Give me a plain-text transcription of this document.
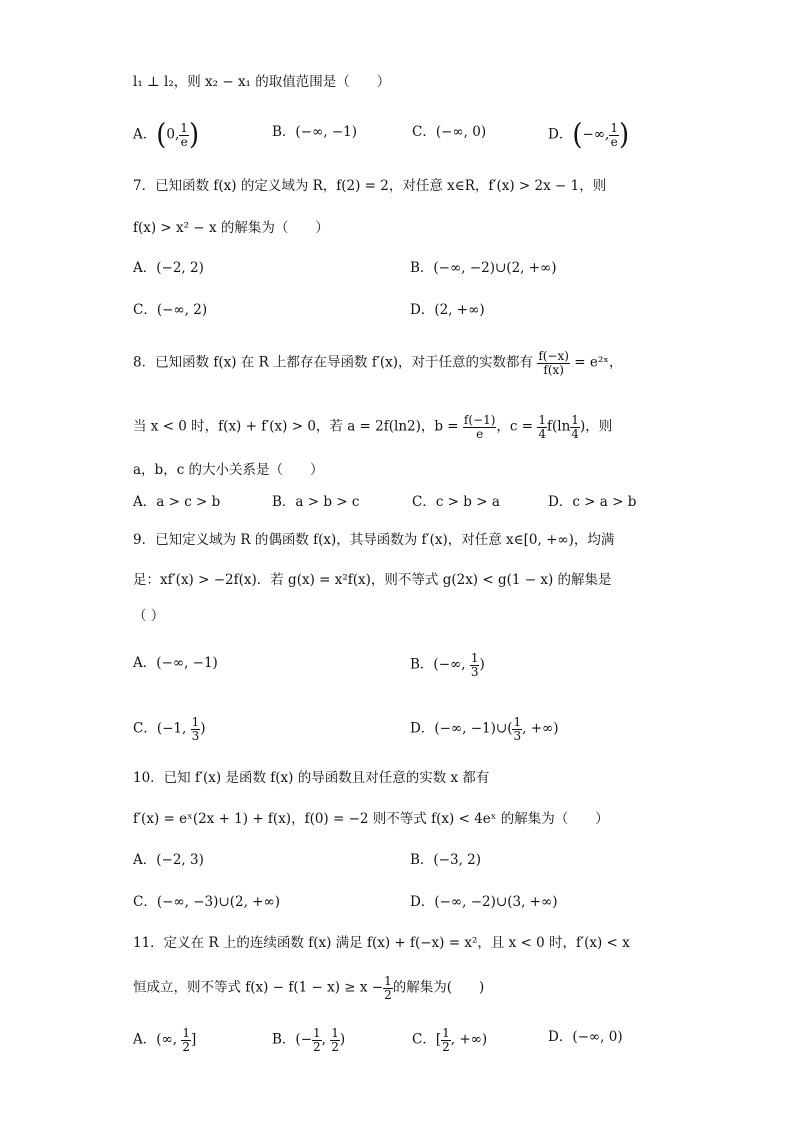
l₁ ⊥ l₂，则 x₂ − x₁ 的取值范围是（　　）
A．(0, $\frac{1}{e}$ )	B．(−∞, −1)	C．(−∞, 0)	D．(−∞, $\frac{1}{e}$ )
7．已知函数 f(x) 的定义域为 R，f(2) = 2，对任意 x∈R，f′(x) > 2x − 1，则
f(x) > x² − x 的解集为（　　）
A．(−2, 2)	B．(−∞, −2)∪(2, +∞)
C．(−∞, 2)	D．(2, +∞)
8．已知函数 f(x) 在 R 上都存在导函数 f′(x)，对于任意的实数都有 $\frac{f(-x)}{f(x)}$ = e²ˣ，
当 x < 0 时，f(x) + f′(x) > 0，若 a = 2f(ln2)，$b = \frac{f(-1)}{e}$ ，$c = \frac{1}{4} f(\ln \frac{1}{4}$ )，则
a，b，c 的大小关系是（　　）
A．a > c > b	B．a > b > c	C．c > b > a	D．c > a > b
9．已知定义域为 R 的偶函数 f(x)，其导函数为 f′(x)，对任意 x∈[0, +∞)，均满
足：xf′(x) > −2f(x)．若 g(x) = x²f(x)，则不等式 g(2x) < g(1 − x) 的解集是
（ ）
A．(−∞, −1)	B．(−∞, $\frac{1}{3}$ )
C．(−1, $\frac{1}{3}$ )	D．(−∞, −1)∪( $\frac{1}{3}$ , +∞)
10．已知 f′(x) 是函数 f(x) 的导函数且对任意的实数 x 都有
f′(x) = eˣ(2x + 1) + f(x)，f(0) = −2 则不等式 f(x) < 4eˣ 的解集为（　　）
A．(−2, 3)	B．(−3, 2)
C．(−∞, −3)∪(2, +∞)	D．(−∞, −2)∪(3, +∞)
11．定义在 R 上的连续函数 f(x) 满足 f(x) + f(−x) = x²，且 x < 0 时，f′(x) < x
恒成立，则不等式 $f(x) - f(1 - x) \ge x - \frac{1}{2}$ 的解集为(　　)
A．(∞, $\frac{1}{2}$ ]	B．(− $\frac{1}{2}$ , $\frac{1}{2}$ )	C．[ $\frac{1}{2}$ , +∞)	D．(−∞, 0)
